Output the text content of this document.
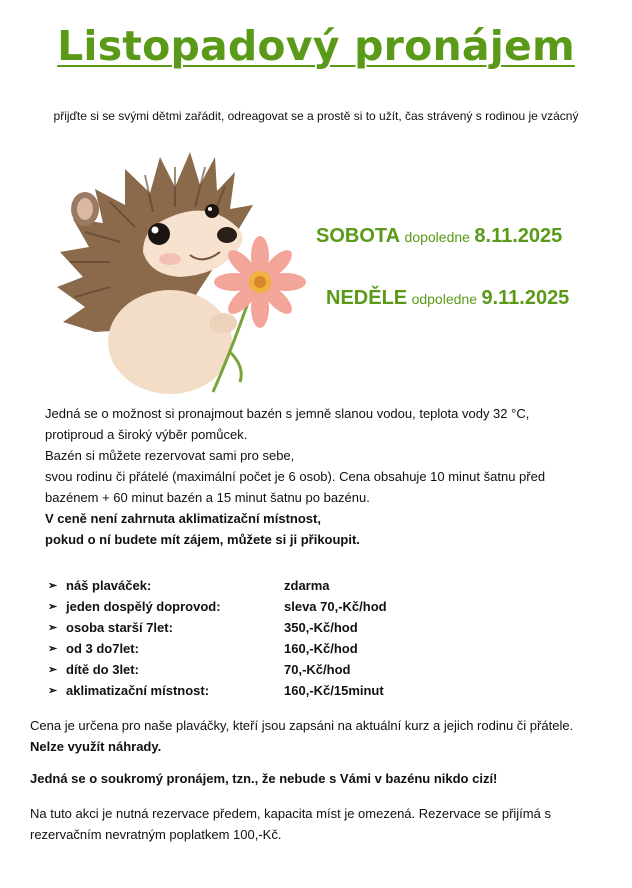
Listopadový pronájem
přijďte si se svými dětmi zařádit, odreagovat se a prostě si to užít, čas strávený s rodinou je vzácný
SOBOTA dopoledne 8.11.2025
NEDĚLE odpoledne 9.11.2025
Jedná se o možnost si pronajmout bazén s jemně slanou vodou, teplota vody 32 °C,
protiproud a široký výběr pomůcek.
Bazén si můžete rezervovat sami pro sebe,
svou rodinu či přátelé (maximální počet je 6 osob). Cena obsahuje 10 minut šatnu před
bazénem + 60 minut bazén a 15 minut šatnu po bazénu.
V ceně není zahrnuta aklimatizační místnost,
pokud o ní budete mít zájem, můžete si ji přikoupit.
➢ náš plaváček:	zdarma
➢ jeden dospělý doprovod:	sleva 70,-Kč/hod
➢ osoba starší 7let:	350,-Kč/hod
➢ od 3 do7let:	160,-Kč/hod
➢ dítě do 3let:	70,-Kč/hod
➢ aklimatizační místnost:	160,-Kč/15minut
Cena je určena pro naše plaváčky, kteří jsou zapsáni na aktuální kurz a jejich rodinu či přátele.
Nelze využít náhrady.
Jedná se o soukromý pronájem, tzn., že nebude s Vámi v bazénu nikdo cizí!
Na tuto akci je nutná rezervace předem, kapacita míst je omezená. Rezervace se přijímá s
rezervačním nevratným poplatkem 100,-Kč.
